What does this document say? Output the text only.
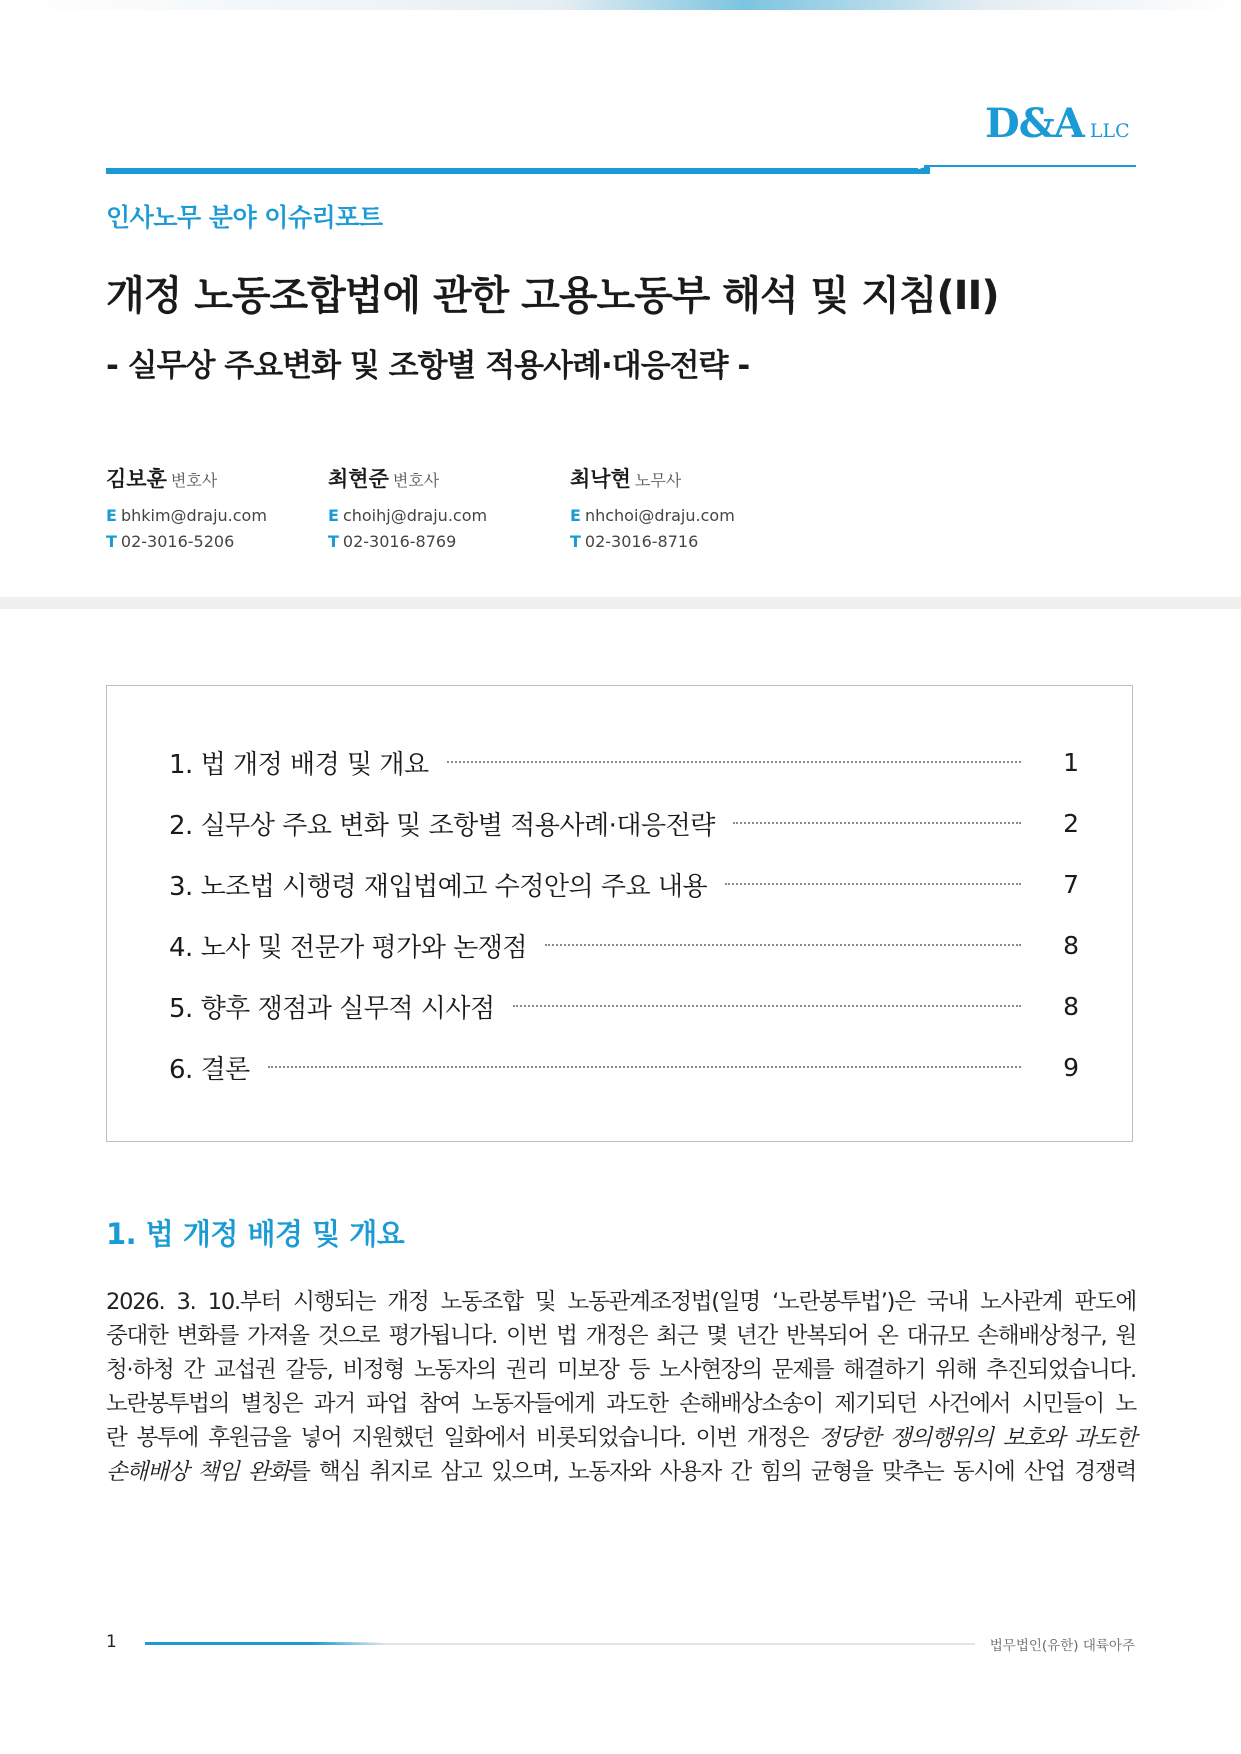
D&A LLC
인사노무 분야 이슈리포트
개정 노동조합법에 관한 고용노동부 해석 및 지침(II)
- 실무상 주요변화 및 조항별 적용사례·대응전략 -
김보훈 변호사
E bhkim@draju.com
T 02-3016-5206
최현준 변호사
E choihj@draju.com
T 02-3016-8769
최낙현 노무사
E nhchoi@draju.com
T 02-3016-8716
1. 법 개정 배경 및 개요	1
2. 실무상 주요 변화 및 조항별 적용사례·대응전략	2
3. 노조법 시행령 재입법예고 수정안의 주요 내용	7
4. 노사 및 전문가 평가와 논쟁점	8
5. 향후 쟁점과 실무적 시사점	8
6. 결론	9
1. 법 개정 배경 및 개요
2026. 3. 10.부터 시행되는 개정 노동조합 및 노동관계조정법(일명 ‘노란봉투법’)은 국내 노사관계 판도에
중대한 변화를 가져올 것으로 평가됩니다. 이번 법 개정은 최근 몇 년간 반복되어 온 대규모 손해배상청구, 원
청·하청 간 교섭권 갈등, 비정형 노동자의 권리 미보장 등 노사현장의 문제를 해결하기 위해 추진되었습니다.
노란봉투법의 별칭은 과거 파업 참여 노동자들에게 과도한 손해배상소송이 제기되던 사건에서 시민들이 노
란 봉투에 후원금을 넣어 지원했던 일화에서 비롯되었습니다. 이번 개정은 정당한 쟁의행위의 보호와 과도한
손해배상 책임 완화를 핵심 취지로 삼고 있으며, 노동자와 사용자 간 힘의 균형을 맞추는 동시에 산업 경쟁력
1	법무법인(유한) 대륙아주
